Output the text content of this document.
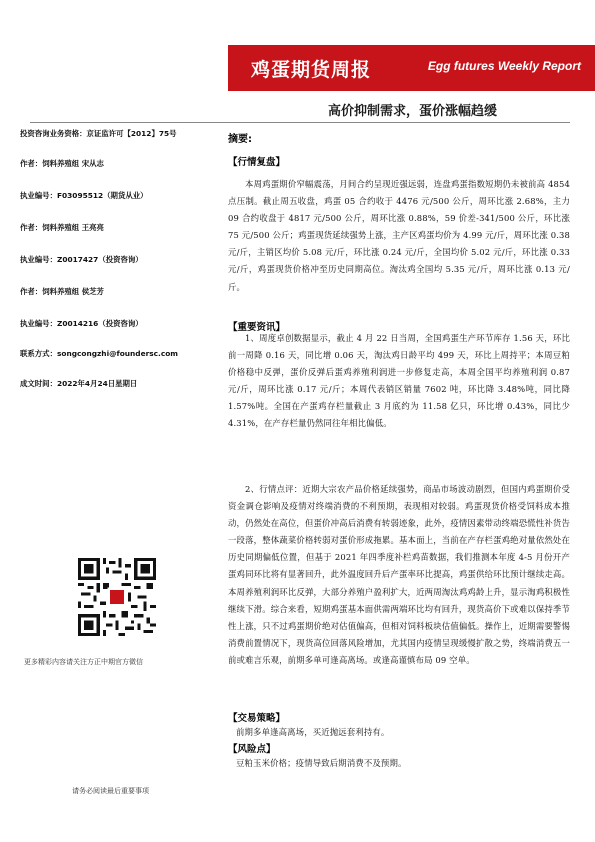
鸡蛋期货周报	Egg futures Weekly Report
高价抑制需求，蛋价涨幅趋缓
投资咨询业务资格：京证监许可【2012】75号
作者：饲料养殖组 宋从志
执业编号：F03095512（期货从业）
作者：饲料养殖组 王亮亮
执业编号：Z0017427（投资咨询）
作者：饲料养殖组 侯芝芳
执业编号：Z0014216（投资咨询）
联系方式：songcongzhi@foundersc.com
成文时间：2022年4月24日星期日
更多精彩内容请关注方正中期官方微信
请务必阅读最后重要事项
摘要:
【行情复盘】
本周鸡蛋期价窄幅震荡，月间合约呈现近强远弱，连盘鸡蛋指数短期仍未被前高 4854 点压制。截止周五收盘，鸡蛋 05 合约收于 4476 元/500 公斤，周环比涨 2.68%，主力 09 合约收盘于 4817 元/500 公斤，周环比涨 0.88%，59 价差-341/500 公斤，环比涨 75 元/500 公斤；鸡蛋现货延续强势上涨，主产区鸡蛋均价为 4.99 元/斤，周环比涨 0.38 元/斤，主销区均价 5.08 元/斤，环比涨 0.24 元/斤，全国均价 5.02 元/斤，环比涨 0.33 元/斤，鸡蛋现货价格冲至历史同期高位。淘汰鸡全国均 5.35 元/斤，周环比涨 0.13 元/斤。
【重要资讯】
1、周度卓创数据显示，截止 4 月 22 日当周，全国鸡蛋生产环节库存 1.56 天，环比前一周降 0.16 天，同比增 0.06 天，淘汰鸡日龄平均 499 天，环比上周持平；本周豆粕价格稳中反弹，蛋价反弹后蛋鸡养殖利润进一步修复走高，本周全国平均养殖利润 0.87 元/斤，周环比涨 0.17 元/斤；本周代表销区销量 7602 吨，环比降 3.48%吨，同比降 1.57%吨。全国在产蛋鸡存栏量截止 3 月底约为 11.58 亿只，环比增 0.43%，同比少 4.31%，在产存栏量仍然同往年相比偏低。
2、行情点评：近期大宗农产品价格延续强势，商品市场波动剧烈，但国内鸡蛋期价受资金调仓影响及疫情对终端消费的不利预期，表现相对较弱。鸡蛋现货价格受饲料成本推动，仍然处在高位，但蛋价冲高后消费有转弱迹象，此外，疫情因素带动终端恐慌性补货告一段落，整体蔬菜价格转弱对蛋价形成拖累。基本面上，当前在产存栏蛋鸡绝对量依然处在历史同期偏低位置，但基于 2021 年四季度补栏鸡苗数据，我们推测本年度 4-5 月份开产蛋鸡同环比将有显著回升，此外温度回升后产蛋率环比提高，鸡蛋供给环比预计继续走高。本周养殖利润环比反弹，大部分养殖户盈利扩大，近两周淘汰鸡鸡龄上升，显示淘鸡积极性继续下滑。综合来看，短期鸡蛋基本面供需两端环比均有回升，现货高价下或难以保持季节性上涨，只不过鸡蛋期价绝对估值偏高，但相对饲料板块估值偏低。操作上，近期需要警惕消费前置情况下，现货高位回落风险增加，尤其国内疫情呈现缓慢扩散之势，终端消费五一前或难言乐观，前期多单可逢高离场。或逢高谨慎布局 09 空单。
【交易策略】
前期多单逢高离场，买近抛远套利持有。
【风险点】
豆粕玉米价格；疫情导致后期消费不及预期。
